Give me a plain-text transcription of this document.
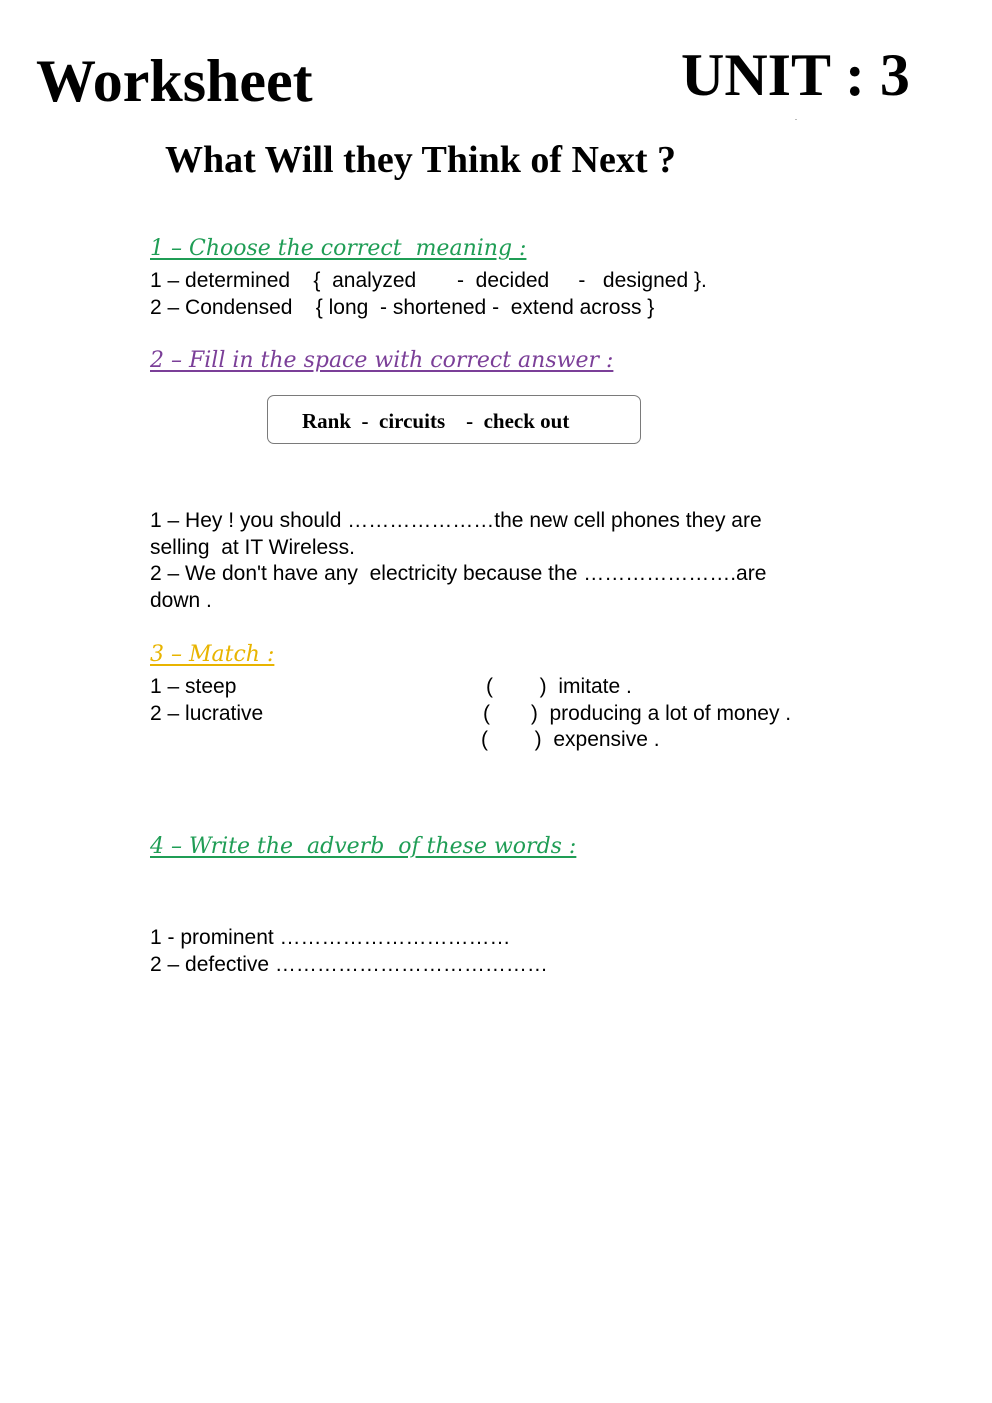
Worksheet	UNIT : 3
What Will they Think of Next ?
1 – Choose the correct  meaning :
1 – determined    {  analyzed       -  decided     -   designed }.
2 – Condensed    { long  - shortened -  extend across }
2 – Fill in the space with correct answer :
Rank  -  circuits    -  check out
1 – Hey ! you should …………………the new cell phones they are
selling  at IT Wireless.
2 – We don't have any  electricity because the ………………….are
down .
3 – Match :
1 – steep
2 – lucrative
(        )  imitate .
(       )  producing a lot of money .
(        )  expensive .
4 – Write the  adverb  of these words :
1 - prominent ……………………………
2 – defective …………………………………
